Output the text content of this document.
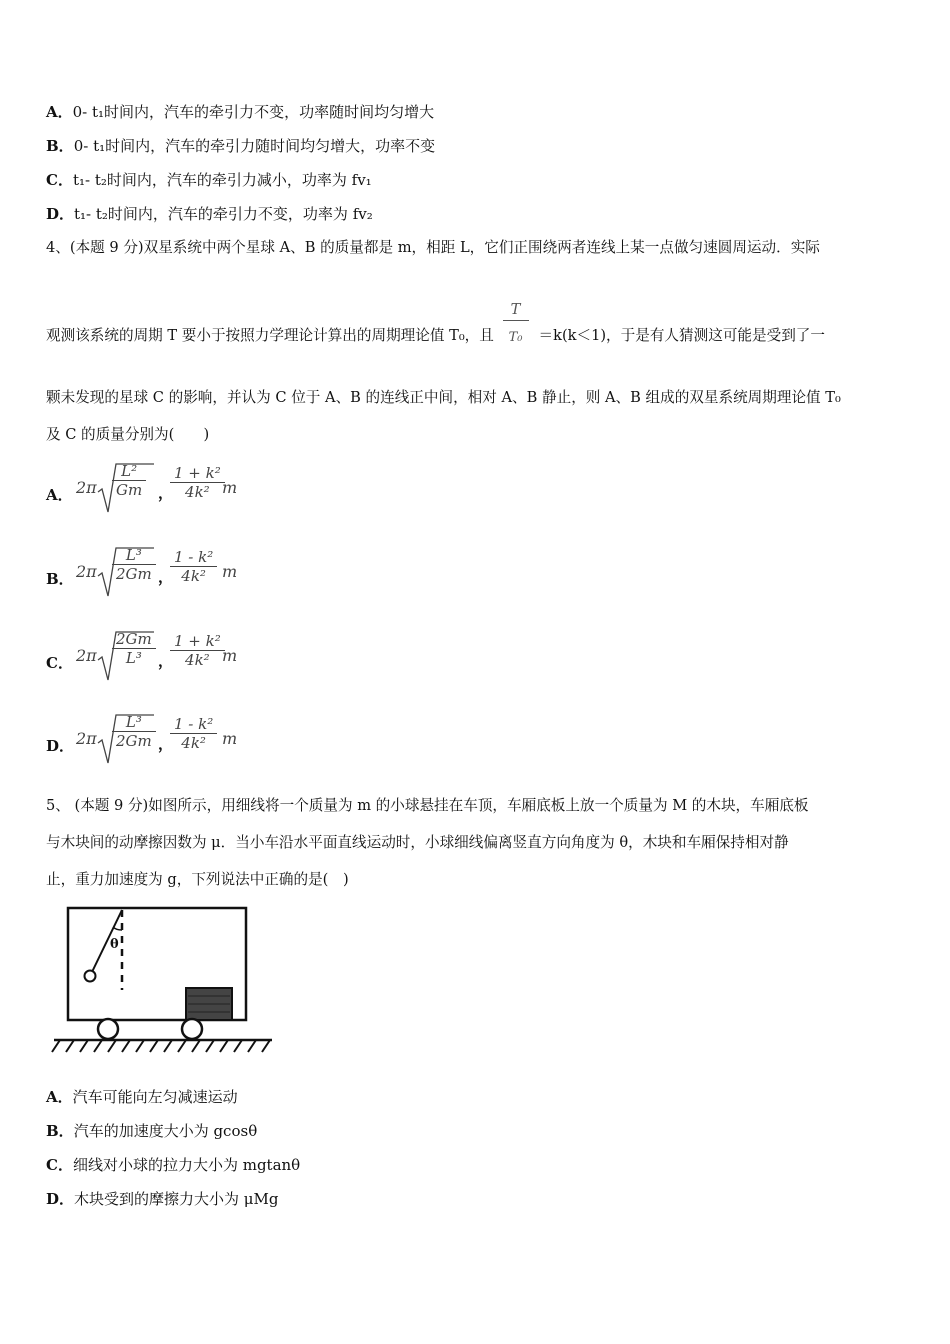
A．0- t₁时间内，汽车的牵引力不变，功率随时间均匀增大
B．0- t₁时间内，汽车的牵引力随时间均匀增大，功率不变
C．t₁- t₂时间内，汽车的牵引力减小，功率为 fv₁
D．t₁- t₂时间内，汽车的牵引力不变，功率为 fv₂
4、(本题 9 分)双星系统中两个星球 A、B 的质量都是 m，相距 L，它们正围绕两者连线上某一点做匀速圆周运动．实际
观测该系统的周期 T 要小于按照力学理论计算出的周期理论值 T₀，且 $\frac{T}{\text{T₀}} =k(k<1)$，于是有人猜测这可能是受到了一
颗未发现的星球 C 的影响，并认为 C 位于 A、B 的连线正中间，相对 A、B 静止，则 A、B 组成的双星系统周期理论值 T₀
及 C 的质量分别为(　　)
A． $2\pi \frac{\text{L²}}{Gm}$ ，
$\frac{\text{1 + k²}}{\text{4k²}}$
m
B． $2\pi \frac{\text{L³}}{2Gm}$ ，
$\frac{\text{1 - k²}}{\text{4k²}}$ m
C． $2\pi \frac{2Gm}{\text{L³}}$ ，
$\frac{\text{1 + k²}}{\text{4k²}}$
m
D． $2\pi \frac{\text{L³}}{2Gm}$ ，
$\frac{\text{1 - k²}}{\text{4k²}}$ m
5、 (本题 9 分)如图所示，用细线将一个质量为 m 的小球悬挂在车顶，车厢底板上放一个质量为 M 的木块，车厢底板
与木块间的动摩擦因数为 μ．当小车沿水平面直线运动时，小球细线偏离竖直方向角度为 θ，木块和车厢保持相对静
止，重力加速度为 g，下列说法中正确的是(　)
θ
A．汽车可能向左匀减速运动
B．汽车的加速度大小为 gcosθ
C．细线对小球的拉力大小为 mgtanθ
D．木块受到的摩擦力大小为 μMg
